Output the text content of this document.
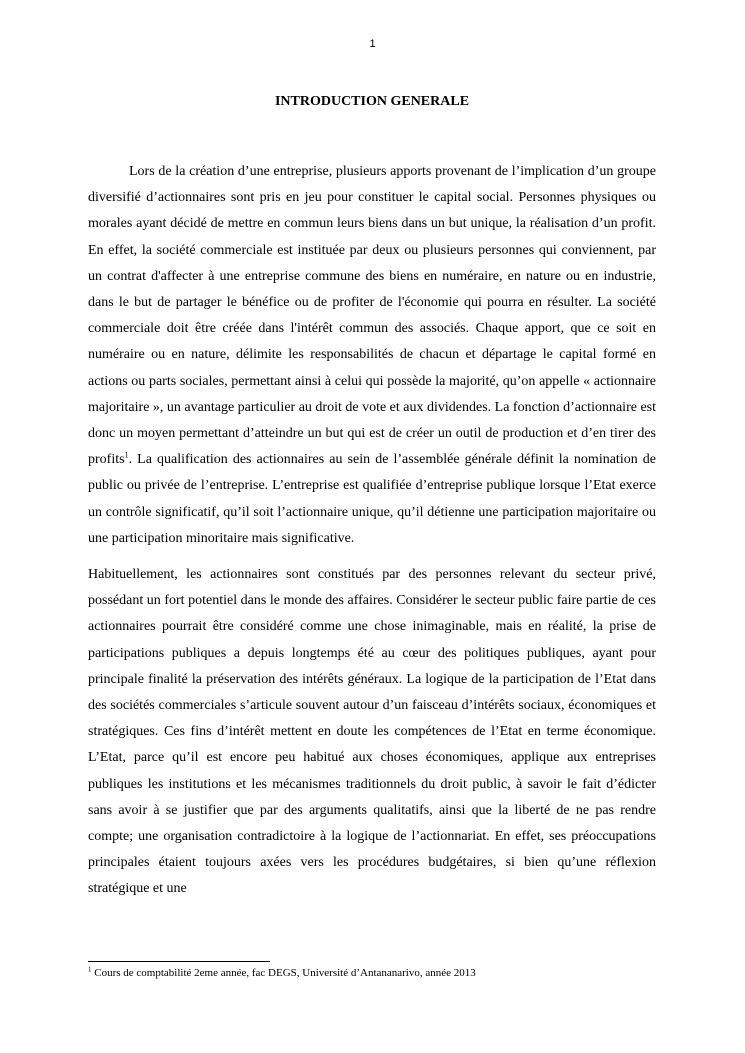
1
INTRODUCTION GENERALE

Lors de la création d’une entreprise, plusieurs apports provenant de l’implication d’un groupe diversifié d’actionnaires sont pris en jeu pour constituer le capital social. Personnes physiques ou morales ayant décidé de mettre en commun leurs biens dans un but unique, la réalisation d’un profit. En effet, la société commerciale est instituée par deux ou plusieurs personnes qui conviennent, par un contrat d'affecter à une entreprise commune des biens en numéraire, en nature ou en industrie, dans le but de partager le bénéfice ou de profiter de l'économie qui pourra en résulter. La société commerciale doit être créée dans l'intérêt commun des associés. Chaque apport, que ce soit en numéraire ou en nature, délimite les responsabilités de chacun et départage le capital formé en actions ou parts sociales, permettant ainsi à celui qui possède la majorité, qu’on appelle « actionnaire majoritaire », un avantage particulier au droit de vote et aux dividendes. La fonction d’actionnaire est donc un moyen permettant d’atteindre un but qui est de créer un outil de production et d’en tirer des profits$^1$. La qualification des actionnaires au sein de l’assemblée générale définit la nomination de public ou privée de l’entreprise. L’entreprise est qualifiée d’entreprise publique lorsque l’Etat exerce un contrôle significatif, qu’il soit l’actionnaire unique, qu’il détienne une participation majoritaire ou une participation minoritaire mais significative.

Habituellement, les actionnaires sont constitués par des personnes relevant du secteur privé, possédant un fort potentiel dans le monde des affaires. Considérer le secteur public faire partie de ces actionnaires pourrait être considéré comme une chose inimaginable, mais en réalité, la prise de participations publiques a depuis longtemps été au cœur des politiques publiques, ayant pour principale finalité la préservation des intérêts généraux. La logique de la participation de l’Etat dans des sociétés commerciales s’articule souvent autour d’un faisceau d’intérêts sociaux, économiques et stratégiques. Ces fins d’intérêt mettent en doute les compétences de l’Etat en terme économique. L’Etat, parce qu’il est encore peu habitué aux choses économiques, applique aux entreprises publiques les institutions et les mécanismes traditionnels du droit public, à savoir le fait d’édicter sans avoir à se justifier que par des arguments qualitatifs, ainsi que la liberté de ne pas rendre compte; une organisation contradictoire à la logique de l’actionnariat. En effet, ses préoccupations principales étaient toujours axées vers les procédures budgétaires, si bien qu’une réflexion stratégique et une

$^1$ Cours de comptabilité 2eme année, fac DEGS, Université d’Antananarivo, année 2013
